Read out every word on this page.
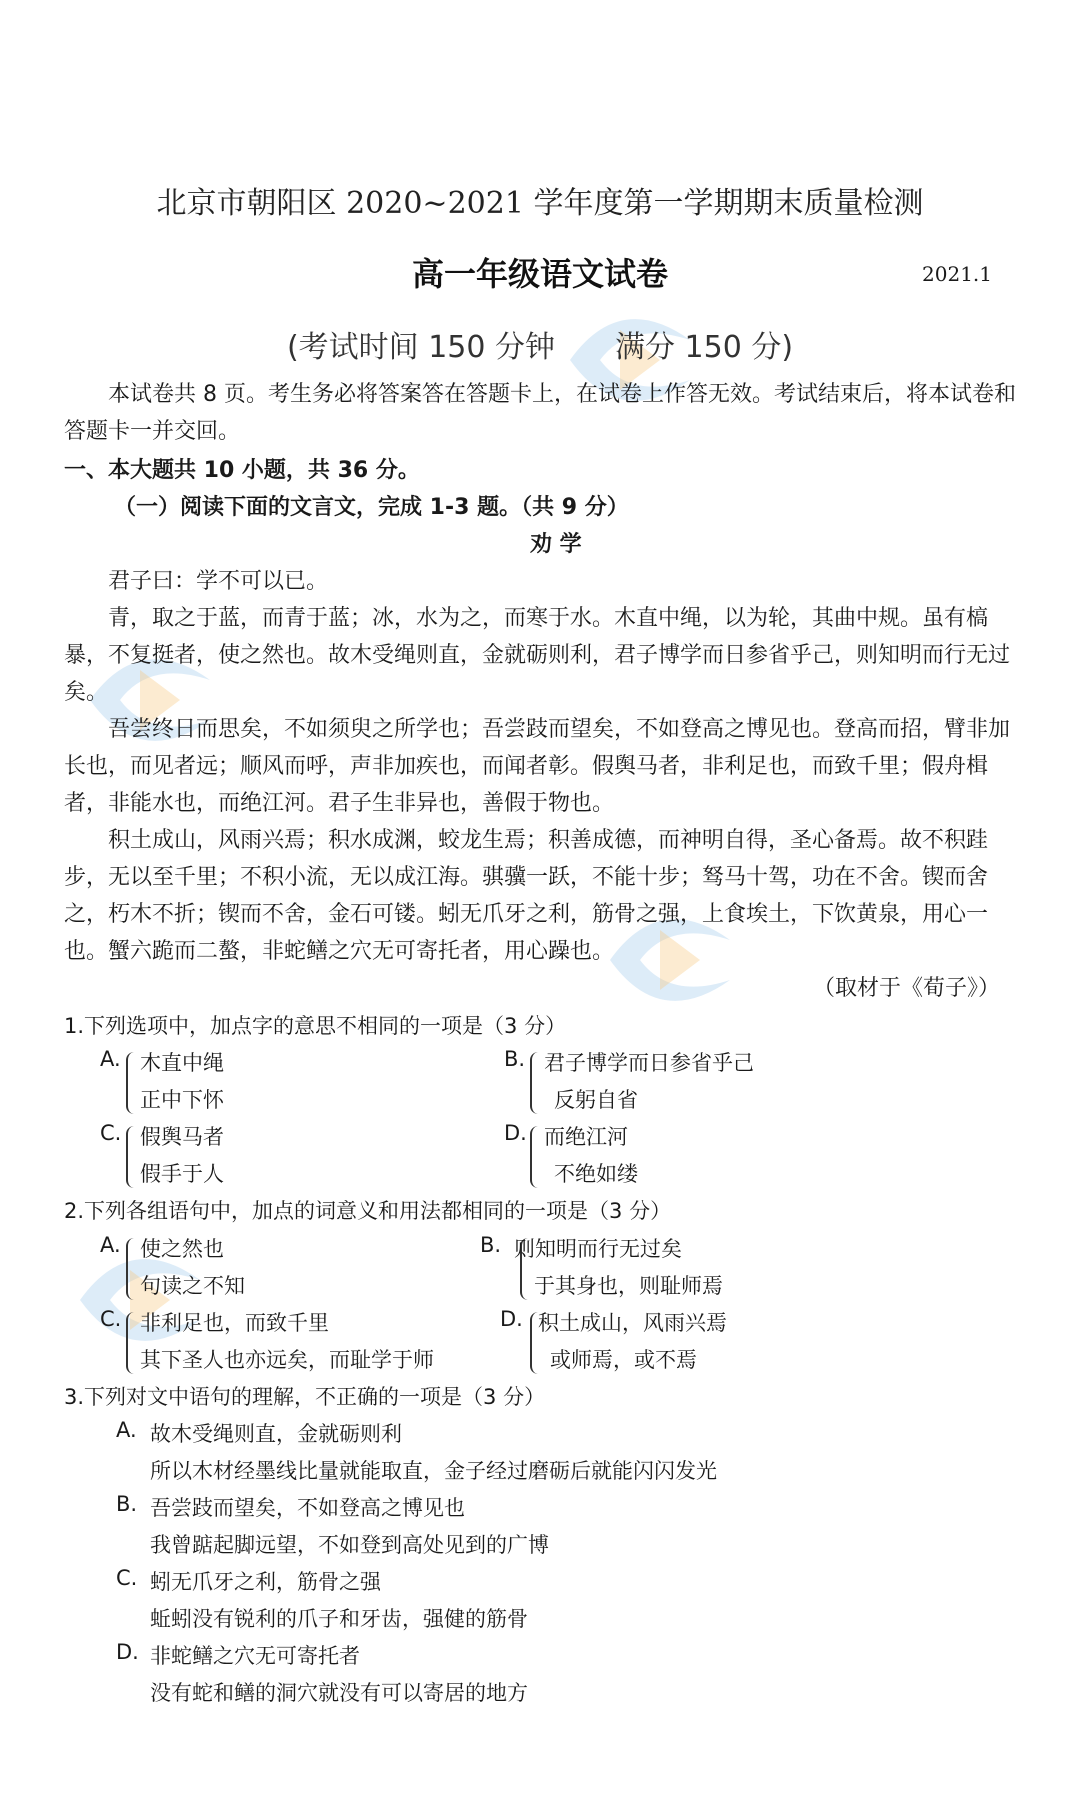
北京市朝阳区 2020~2021 学年度第一学期期末质量检测
高一年级语文试卷	2021.1
(考试时间 150 分钟　　满分 150 分)
本试卷共 8 页。考生务必将答案答在答题卡上，在试卷上作答无效。考试结束后，将本试卷和答题卡一并交回。
一、本大题共 10 小题，共 36 分。
（一）阅读下面的文言文，完成 1-3 题。（共 9 分）
劝 学
君子曰：学不可以已。
青，取之于蓝，而青于蓝；冰，水为之，而寒于水。木直中绳，以为轮，其曲中规。虽有槁暴，不复挺者，使之然也。故木受绳则直，金就砺则利，君子博学而日参省乎己，则知明而行无过矣。
吾尝终日而思矣，不如须臾之所学也；吾尝跂而望矣，不如登高之博见也。登高而招，臂非加长也，而见者远；顺风而呼，声非加疾也，而闻者彰。假舆马者，非利足也，而致千里；假舟楫者，非能水也，而绝江河。君子生非异也，善假于物也。
积土成山，风雨兴焉；积水成渊，蛟龙生焉；积善成德，而神明自得，圣心备焉。故不积跬步，无以至千里；不积小流，无以成江海。骐骥一跃，不能十步；驽马十驾，功在不舍。锲而舍之，朽木不折；锲而不舍，金石可镂。蚓无爪牙之利，筋骨之强，上食埃土，下饮黄泉，用心一也。蟹六跪而二螯，非蛇鳝之穴无可寄托者，用心躁也。
（取材于《荀子》）
1.下列选项中，加点字的意思不相同的一项是（3 分）
A. 木直中绳
正中下怀
B. 君子博学而日参省乎己
反躬自省
C. 假舆马者
假手于人
D. 而绝江河
不绝如缕
2.下列各组语句中，加点的词意义和用法都相同的一项是（3 分）
A. 使之然也
句读之不知
B. 则知明而行无过矣
于其身也，则耻师焉
C. 非利足也，而致千里
其下圣人也亦远矣，而耻学于师
D. 积土成山，风雨兴焉
或师焉，或不焉
3.下列对文中语句的理解，不正确的一项是（3 分）
A. 故木受绳则直，金就砺则利
所以木材经墨线比量就能取直，金子经过磨砺后就能闪闪发光
B. 吾尝跂而望矣，不如登高之博见也
我曾踮起脚远望，不如登到高处见到的广博
C. 蚓无爪牙之利，筋骨之强
蚯蚓没有锐利的爪子和牙齿，强健的筋骨
D. 非蛇鳝之穴无可寄托者
没有蛇和鳝的洞穴就没有可以寄居的地方
